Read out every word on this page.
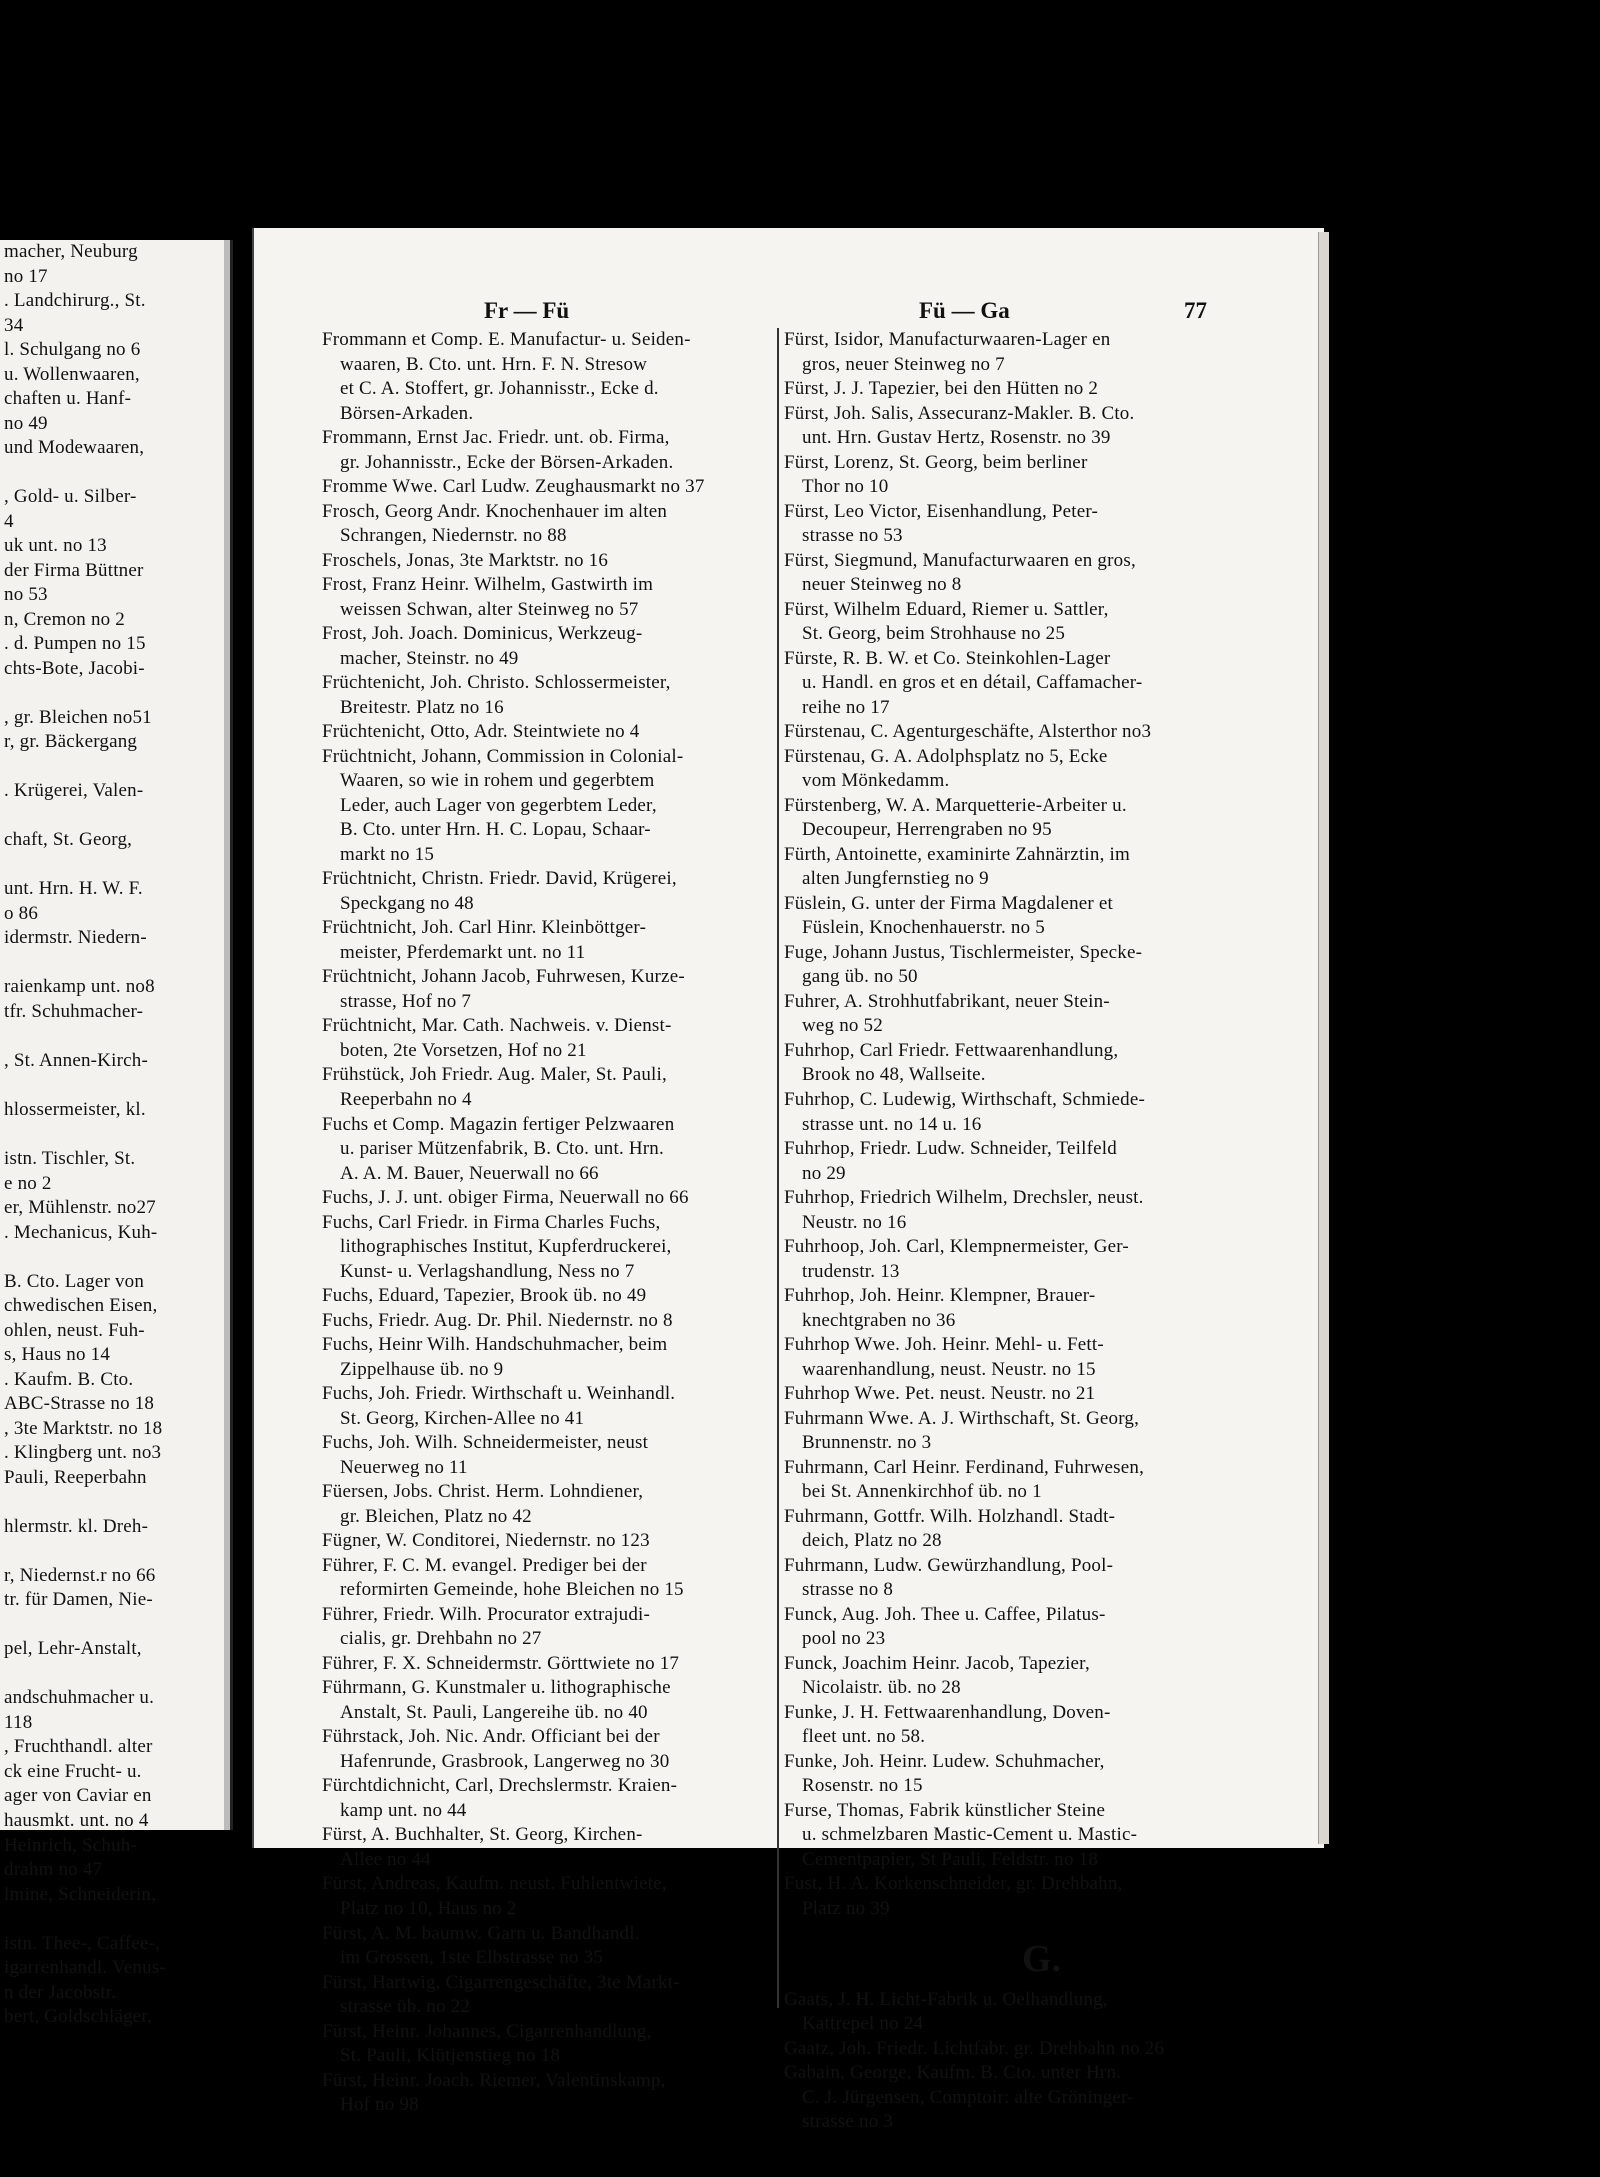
macher, Neuburg
no 17
. Landchirurg., St.
34
l. Schulgang no 6
u. Wollenwaaren,
chaften u. Hanf-
no 49
und Modewaaren,
, Gold- u. Silber-
4
uk unt. no 13
der Firma Büttner
no 53
n, Cremon no 2
. d. Pumpen no 15
chts-Bote, Jacobi-
, gr. Bleichen no51
r, gr. Bäckergang
. Krügerei, Valen-
chaft, St. Georg,
unt. Hrn. H. W. F.
o 86
idermstr. Niedern-
raienkamp unt. no8
tfr. Schuhmacher-
, St. Annen-Kirch-
hlossermeister, kl.
istn. Tischler, St.
e no 2
er, Mühlenstr. no27
. Mechanicus, Kuh-
B. Cto. Lager von
chwedischen Eisen,
ohlen, neust. Fuh-
s, Haus no 14
. Kaufm. B. Cto.
ABC-Strasse no 18
, 3te Marktstr. no 18
. Klingberg unt. no3
Pauli, Reeperbahn
hlermstr. kl. Dreh-
r, Niedernst.r no 66
tr. für Damen, Nie-
pel, Lehr-Anstalt,
andschuhmacher u.
118
, Fruchthandl. alter
ck eine Frucht- u.
ager von Caviar en
hausmkt. unt. no 4
Heinrich, Schuh-
drahm no 47
lmine, Schneiderin,
istn. Thee-, Caffee-,
igarrenhandl. Venus-
n der Jacobstr.
bert, Goldschläger,
Fr — Fü	Fü — Ga	77
Frommann et Comp. E. Manufactur- u. Seiden-
waaren, B. Cto. unt. Hrn. F. N. Stresow
et C. A. Stoffert, gr. Johannisstr., Ecke d.
Börsen-Arkaden.
Frommann, Ernst Jac. Friedr. unt. ob. Firma,
gr. Johannisstr., Ecke der Börsen-Arkaden.
Fromme Wwe. Carl Ludw. Zeughausmarkt no 37
Frosch, Georg Andr. Knochenhauer im alten
Schrangen, Niedernstr. no 88
Froschels, Jonas, 3te Marktstr. no 16
Frost, Franz Heinr. Wilhelm, Gastwirth im
weissen Schwan, alter Steinweg no 57
Frost, Joh. Joach. Dominicus, Werkzeug-
macher, Steinstr. no 49
Früchtenicht, Joh. Christo. Schlossermeister,
Breitestr. Platz no 16
Früchtenicht, Otto, Adr. Steintwiete no 4
Früchtnicht, Johann, Commission in Colonial-
Waaren, so wie in rohem und gegerbtem
Leder, auch Lager von gegerbtem Leder,
B. Cto. unter Hrn. H. C. Lopau, Schaar-
markt no 15
Früchtnicht, Christn. Friedr. David, Krügerei,
Speckgang no 48
Früchtnicht, Joh. Carl Hinr. Kleinböttger-
meister, Pferdemarkt unt. no 11
Früchtnicht, Johann Jacob, Fuhrwesen, Kurze-
strasse, Hof no 7
Früchtnicht, Mar. Cath. Nachweis. v. Dienst-
boten, 2te Vorsetzen, Hof no 21
Frühstück, Joh Friedr. Aug. Maler, St. Pauli,
Reeperbahn no 4
Fuchs et Comp. Magazin fertiger Pelzwaaren
u. pariser Mützenfabrik, B. Cto. unt. Hrn.
A. A. M. Bauer, Neuerwall no 66
Fuchs, J. J. unt. obiger Firma, Neuerwall no 66
Fuchs, Carl Friedr. in Firma Charles Fuchs,
lithographisches Institut, Kupferdruckerei,
Kunst- u. Verlagshandlung, Ness no 7
Fuchs, Eduard, Tapezier, Brook üb. no 49
Fuchs, Friedr. Aug. Dr. Phil. Niedernstr. no 8
Fuchs, Heinr Wilh. Handschuhmacher, beim
Zippelhause üb. no 9
Fuchs, Joh. Friedr. Wirthschaft u. Weinhandl.
St. Georg, Kirchen-Allee no 41
Fuchs, Joh. Wilh. Schneidermeister, neust
Neuerweg no 11
Füersen, Jobs. Christ. Herm. Lohndiener,
gr. Bleichen, Platz no 42
Fügner, W. Conditorei, Niedernstr. no 123
Führer, F. C. M. evangel. Prediger bei der
reformirten Gemeinde, hohe Bleichen no 15
Führer, Friedr. Wilh. Procurator extrajudi-
cialis, gr. Drehbahn no 27
Führer, F. X. Schneidermstr. Görttwiete no 17
Führmann, G. Kunstmaler u. lithographische
Anstalt, St. Pauli, Langereihe üb. no 40
Führstack, Joh. Nic. Andr. Officiant bei der
Hafenrunde, Grasbrook, Langerweg no 30
Fürchtdichnicht, Carl, Drechslermstr. Kraien-
kamp unt. no 44
Fürst, A. Buchhalter, St. Georg, Kirchen-
Allee no 44
Fürst, Andreas, Kaufm. neust. Fuhlentwiete,
Platz no 10, Haus no 2
Fürst, A. M. baumw. Garn u. Bandhandl.
im Grossen, 1ste Elbstrasse no 35
Fürst, Hartwig, Cigarrengeschäfte, 3te Markt-
strasse üb. no 22
Fürst, Heinr. Johannes, Cigarrenhandlung,
St. Pauli, Klütjenstieg no 18
Fürst, Heinr. Joach. Riemer, Valentinskamp,
Hof no 98
Fürst, Isidor, Manufacturwaaren-Lager en
gros, neuer Steinweg no 7
Fürst, J. J. Tapezier, bei den Hütten no 2
Fürst, Joh. Salis, Assecuranz-Makler. B. Cto.
unt. Hrn. Gustav Hertz, Rosenstr. no 39
Fürst, Lorenz, St. Georg, beim berliner
Thor no 10
Fürst, Leo Victor, Eisenhandlung, Peter-
strasse no 53
Fürst, Siegmund, Manufacturwaaren en gros,
neuer Steinweg no 8
Fürst, Wilhelm Eduard, Riemer u. Sattler,
St. Georg, beim Strohhause no 25
Fürste, R. B. W. et Co. Steinkohlen-Lager
u. Handl. en gros et en détail, Caffamacher-
reihe no 17
Fürstenau, C. Agenturgeschäfte, Alsterthor no3
Fürstenau, G. A. Adolphsplatz no 5, Ecke
vom Mönkedamm.
Fürstenberg, W. A. Marquetterie-Arbeiter u.
Decoupeur, Herrengraben no 95
Fürth, Antoinette, examinirte Zahnärztin, im
alten Jungfernstieg no 9
Füslein, G. unter der Firma Magdalener et
Füslein, Knochenhauerstr. no 5
Fuge, Johann Justus, Tischlermeister, Specke-
gang üb. no 50
Fuhrer, A. Strohhutfabrikant, neuer Stein-
weg no 52
Fuhrhop, Carl Friedr. Fettwaarenhandlung,
Brook no 48, Wallseite.
Fuhrhop, C. Ludewig, Wirthschaft, Schmiede-
strasse unt. no 14 u. 16
Fuhrhop, Friedr. Ludw. Schneider, Teilfeld
no 29
Fuhrhop, Friedrich Wilhelm, Drechsler, neust.
Neustr. no 16
Fuhrhoop, Joh. Carl, Klempnermeister, Ger-
trudenstr. 13
Fuhrhop, Joh. Heinr. Klempner, Brauer-
knechtgraben no 36
Fuhrhop Wwe. Joh. Heinr. Mehl- u. Fett-
waarenhandlung, neust. Neustr. no 15
Fuhrhop Wwe. Pet. neust. Neustr. no 21
Fuhrmann Wwe. A. J. Wirthschaft, St. Georg,
Brunnenstr. no 3
Fuhrmann, Carl Heinr. Ferdinand, Fuhrwesen,
bei St. Annenkirchhof üb. no 1
Fuhrmann, Gottfr. Wilh. Holzhandl. Stadt-
deich, Platz no 28
Fuhrmann, Ludw. Gewürzhandlung, Pool-
strasse no 8
Funck, Aug. Joh. Thee u. Caffee, Pilatus-
pool no 23
Funck, Joachim Heinr. Jacob, Tapezier,
Nicolaistr. üb. no 28
Funke, J. H. Fettwaarenhandlung, Doven-
fleet unt. no 58.
Funke, Joh. Heinr. Ludew. Schuhmacher,
Rosenstr. no 15
Furse, Thomas, Fabrik künstlicher Steine
u. schmelzbaren Mastic-Cement u. Mastic-
Cementpapier, St Pauli, Feldstr. no 18
Fust, H. A. Korkenschneider, gr. Drehbahn,
Platz no 39
G.
Gaats, J. H. Licht-Fabrik u. Oelhandlung,
Kattrepel no 24
Gaatz, Joh. Friedr. Lichtfabr. gr. Drehbahn no 26
Gabain, George, Kaufm. B. Cto. unter Hrn.
C. J. Jürgensen, Comptoir: alte Gröninger-
strasse no 3
